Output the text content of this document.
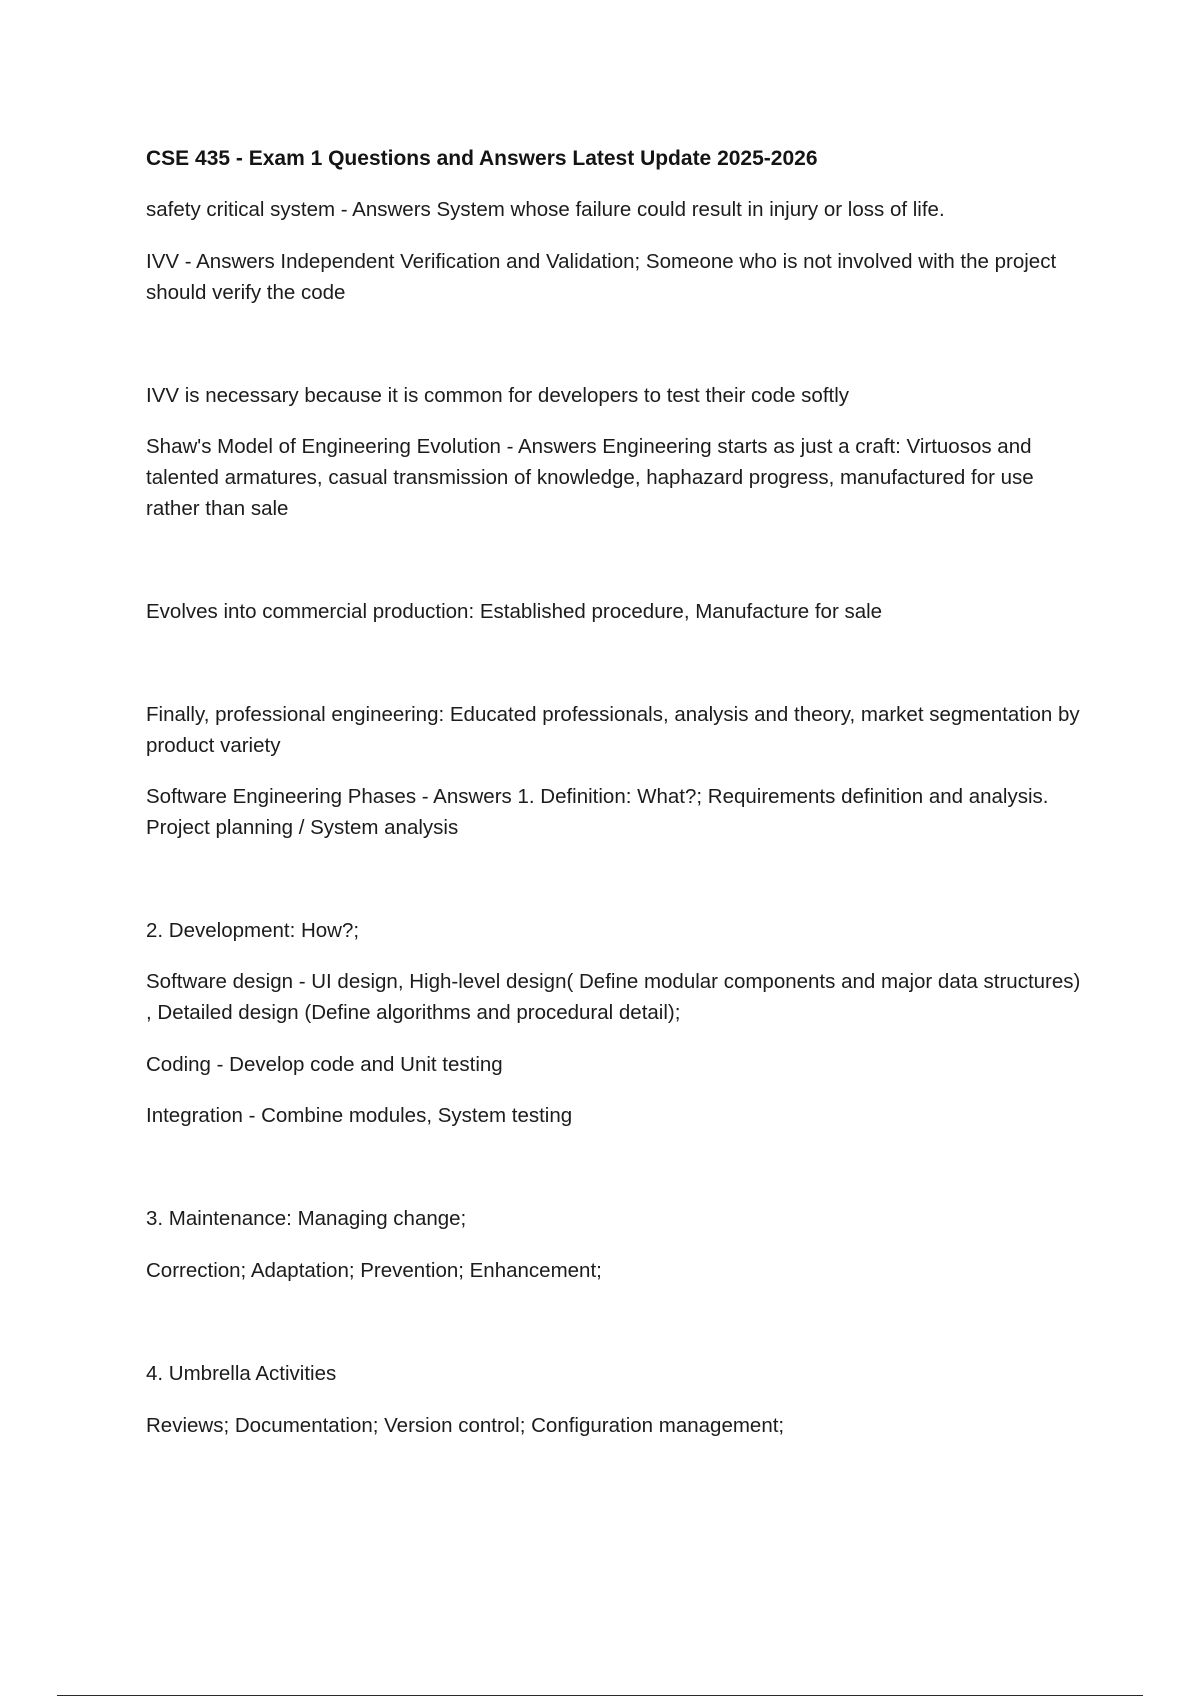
CSE 435 - Exam 1 Questions and Answers Latest Update 2025-2026

safety critical system - Answers System whose failure could result in injury or loss of life.

IVV - Answers Independent Verification and Validation; Someone who is not involved with the project should verify the code

IVV is necessary because it is common for developers to test their code softly

Shaw's Model of Engineering Evolution - Answers Engineering starts as just a craft: Virtuosos and talented armatures, casual transmission of knowledge, haphazard progress, manufactured for use rather than sale

Evolves into commercial production: Established procedure, Manufacture for sale

Finally, professional engineering: Educated professionals, analysis and theory, market segmentation by product variety

Software Engineering Phases - Answers 1. Definition: What?; Requirements definition and analysis. Project planning / System analysis

2. Development: How?;

Software design - UI design, High-level design( Define modular components and major data structures) , Detailed design (Define algorithms and procedural detail);

Coding - Develop code and Unit testing

Integration - Combine modules, System testing

3. Maintenance: Managing change;

Correction; Adaptation; Prevention; Enhancement;

4. Umbrella Activities

Reviews; Documentation; Version control; Configuration management;
